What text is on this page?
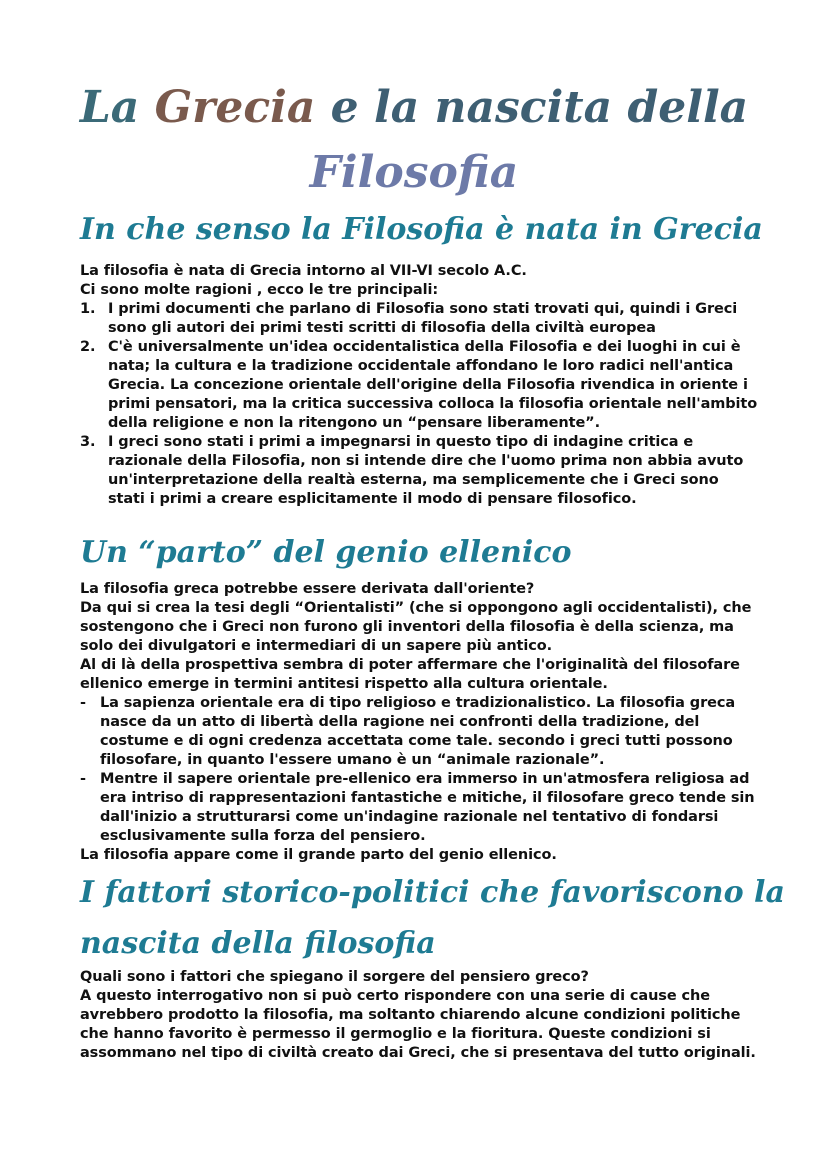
La Grecia e la nascita della
Filosofia
In che senso la Filosofia è nata in Grecia

La filosofia è nata di Grecia intorno al VII-VI secolo A.C.

Ci sono molte ragioni , ecco le tre principali:

1. I primi documenti che parlano di Filosofia sono stati trovati qui, quindi i Greci sono gli autori dei primi testi scritti di filosofia della civiltà europea
2. C'è universalmente un'idea occidentalistica della Filosofia e dei luoghi in cui è nata; la cultura e la tradizione occidentale affondano le loro radici nell'antica Grecia. La concezione orientale dell'origine della Filosofia rivendica in oriente i primi pensatori, ma la critica successiva colloca la filosofia orientale nell'ambito della religione e non la ritengono un “pensare liberamente”.
3. I greci sono stati i primi a impegnarsi in questo tipo di indagine critica e razionale della Filosofia, non si intende dire che l'uomo prima non abbia avuto un'interpretazione della realtà esterna, ma semplicemente che i Greci sono stati i primi a creare esplicitamente il modo di pensare filosofico.
Un “parto” del genio ellenico

La filosofia greca potrebbe essere derivata dall'oriente?

Da qui si crea la tesi degli “Orientalisti” (che si oppongono agli occidentalisti), che sostengono che i Greci non furono gli inventori della filosofia è della scienza, ma solo dei divulgatori e intermediari di un sapere più antico.

Al di là della prospettiva sembra di poter affermare che l'originalità del filosofare ellenico emerge in termini antitesi rispetto alla cultura orientale.

- La sapienza orientale era di tipo religioso e tradizionalistico. La filosofia greca nasce da un atto di libertà della ragione nei confronti della tradizione, del costume e di ogni credenza accettata come tale. secondo i greci tutti possono filosofare, in quanto l'essere umano è un “animale razionale”.
- Mentre il sapere orientale pre-ellenico era immerso in un'atmosfera religiosa ad era intriso di rappresentazioni fantastiche e mitiche, il filosofare greco tende sin dall'inizio a strutturarsi come un'indagine razionale nel tentativo di fondarsi esclusivamente sulla forza del pensiero.

La filosofia appare come il grande parto del genio ellenico.

I fattori storico-politici che favoriscono la
nascita della filosofia

Quali sono i fattori che spiegano il sorgere del pensiero greco?

A questo interrogativo non si può certo rispondere con una serie di cause che avrebbero prodotto la filosofia, ma soltanto chiarendo alcune condizioni politiche che hanno favorito è permesso il germoglio e la fioritura. Queste condizioni si assommano nel tipo di civiltà creato dai Greci, che si presentava del tutto originali.
